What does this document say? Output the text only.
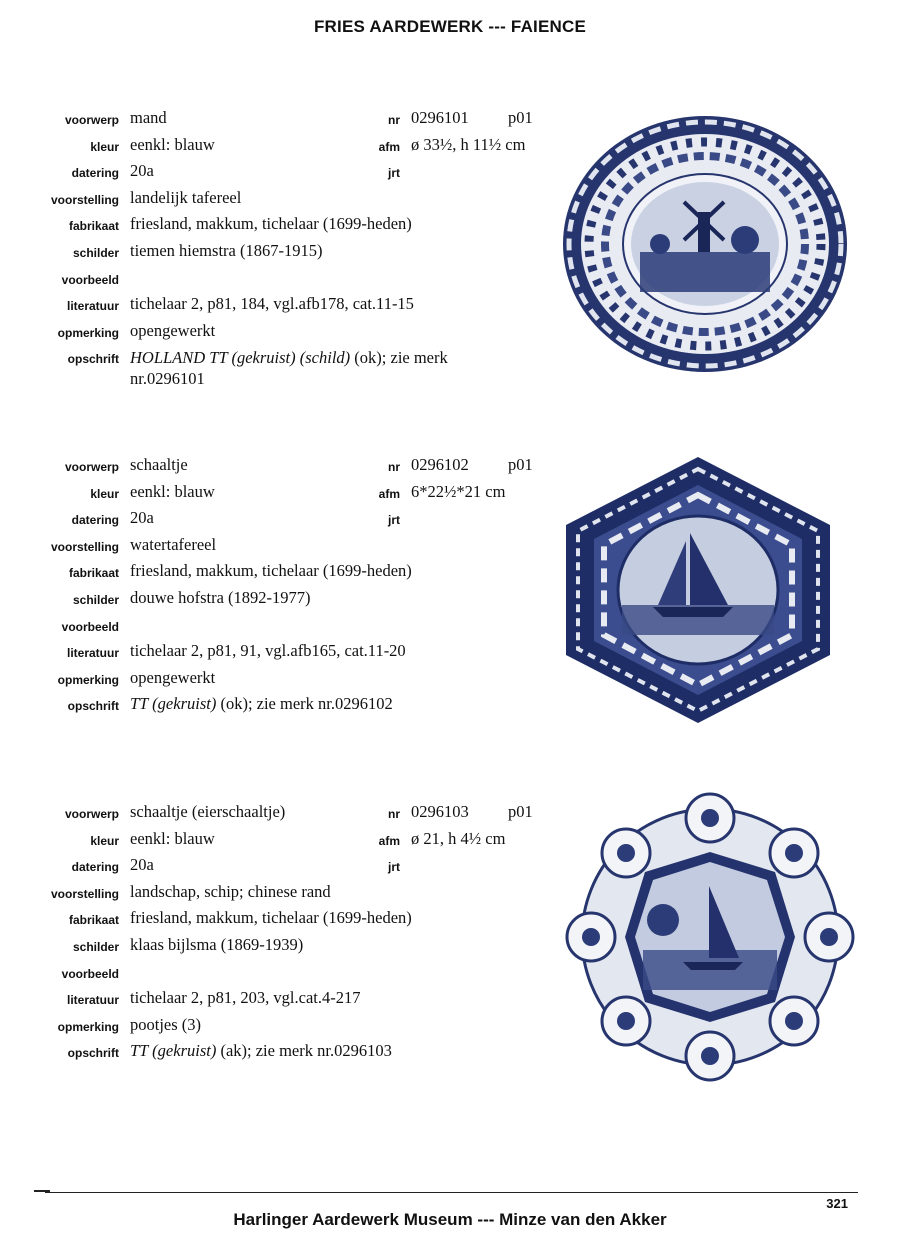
FRIES AARDEWERK --- FAIENCE
voorwerp mand	nr 0296101 p01
kleur eenkl: blauw	afm ø 33½, h 11½ cm
datering 20a	jrt
voorstelling landelijk tafereel
fabrikaat friesland, makkum, tichelaar (1699-heden)
schilder tiemen hiemstra (1867-1915)
voorbeeld
literatuur tichelaar 2, p81, 184, vgl.afb178, cat.11-15
opmerking opengewerkt
opschrift HOLLAND TT (gekruist) (schild) (ok); zie merk nr.0296101
voorwerp schaaltje	nr 0296102 p01
kleur eenkl: blauw	afm 6*22½*21 cm
datering 20a	jrt
voorstelling watertafereel
fabrikaat friesland, makkum, tichelaar (1699-heden)
schilder douwe hofstra (1892-1977)
voorbeeld
literatuur tichelaar 2, p81, 91, vgl.afb165, cat.11-20
opmerking opengewerkt
opschrift TT (gekruist) (ok); zie merk nr.0296102
voorwerp schaaltje (eierschaaltje)	nr 0296103 p01
kleur eenkl: blauw	afm ø 21, h 4½ cm
datering 20a	jrt
voorstelling landschap, schip; chinese rand
fabrikaat friesland, makkum, tichelaar (1699-heden)
schilder klaas bijlsma (1869-1939)
voorbeeld
literatuur tichelaar 2, p81, 203, vgl.cat.4-217
opmerking pootjes (3)
opschrift TT (gekruist) (ak); zie merk nr.0296103
321
Harlinger Aardewerk Museum --- Minze van den Akker
